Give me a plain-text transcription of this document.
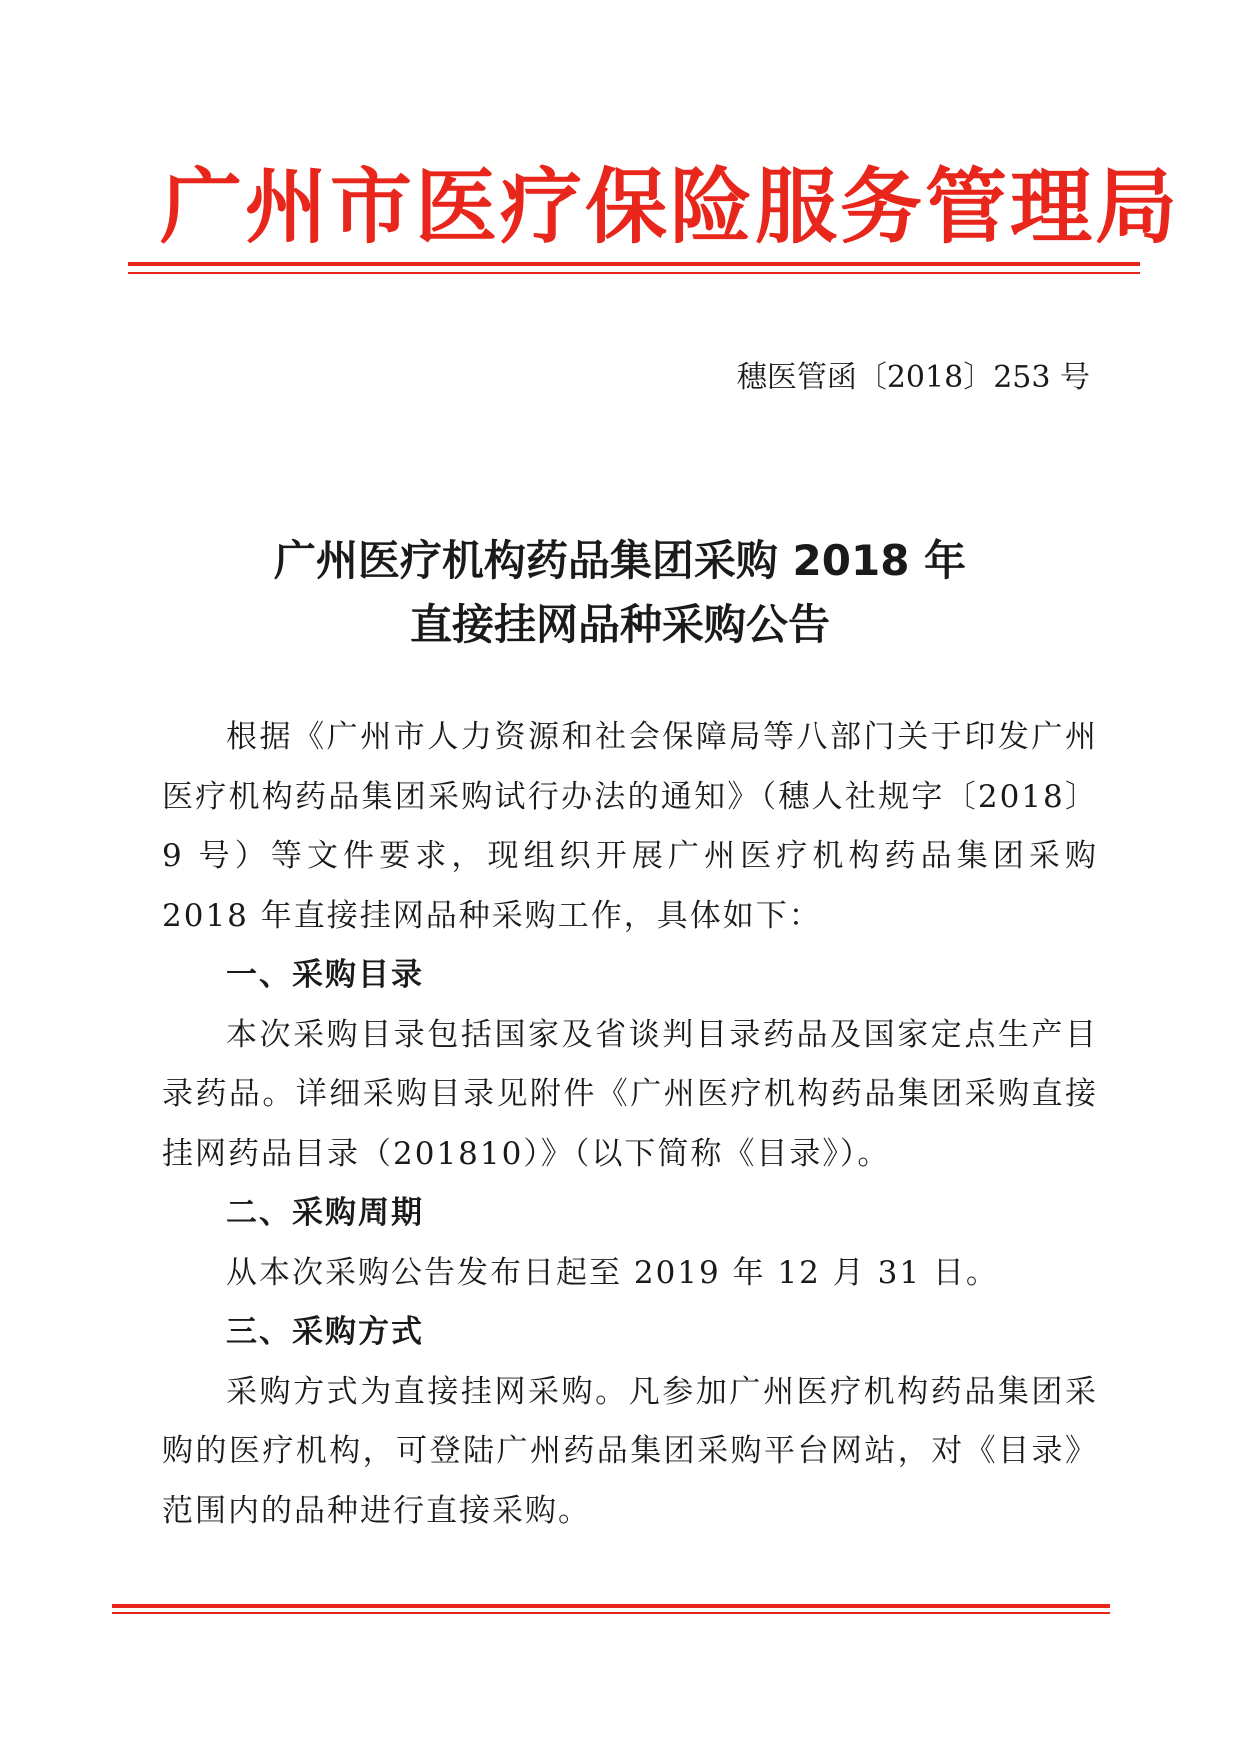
广州市医疗保险服务管理局
穗医管函〔2018〕253 号
广州医疗机构药品集团采购 2018 年
直接挂网品种采购公告

根据《广州市人力资源和社会保障局等八部门关于印发广州医疗机构药品集团采购试行办法的通知》（穗人社规字〔2018〕9 号）等文件要求，现组织开展广州医疗机构药品集团采购 2018 年直接挂网品种采购工作，具体如下：

一、采购目录

本次采购目录包括国家及省谈判目录药品及国家定点生产目录药品。详细采购目录见附件《广州医疗机构药品集团采购直接挂网药品目录（201810）》（以下简称《目录》）。

二、采购周期

从本次采购公告发布日起至 2019 年 12 月 31 日。

三、采购方式

采购方式为直接挂网采购。凡参加广州医疗机构药品集团采购的医疗机构，可登陆广州药品集团采购平台网站，对《目录》范围内的品种进行直接采购。
